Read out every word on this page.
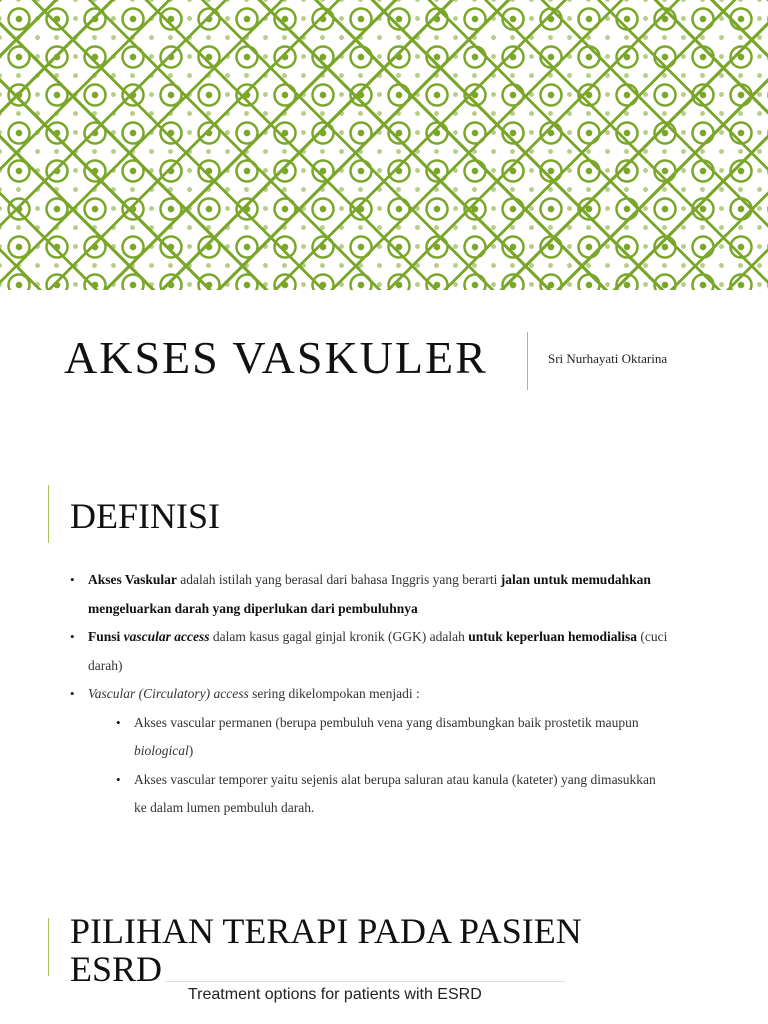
AKSES VASKULER	Sri Nurhayati Oktarina
DEFINISI
• Akses Vaskular adalah istilah yang berasal dari bahasa Inggris yang berarti jalan untuk memudahkan mengeluarkan darah yang diperlukan dari pembuluhnya
• Funsi vascular access dalam kasus gagal ginjal kronik (GGK) adalah untuk keperluan hemodialisa (cuci darah)
• Vascular (Circulatory) access sering dikelompokan menjadi :
• Akses vascular permanen (berupa pembuluh vena yang disambungkan baik prostetik maupun biological)
• Akses vascular temporer yaitu sejenis alat berupa saluran atau kanula (kateter) yang dimasukkan ke dalam lumen pembuluh darah.
PILIHAN TERAPI PADA PASIEN
ESRD
Treatment options for patients with ESRD
